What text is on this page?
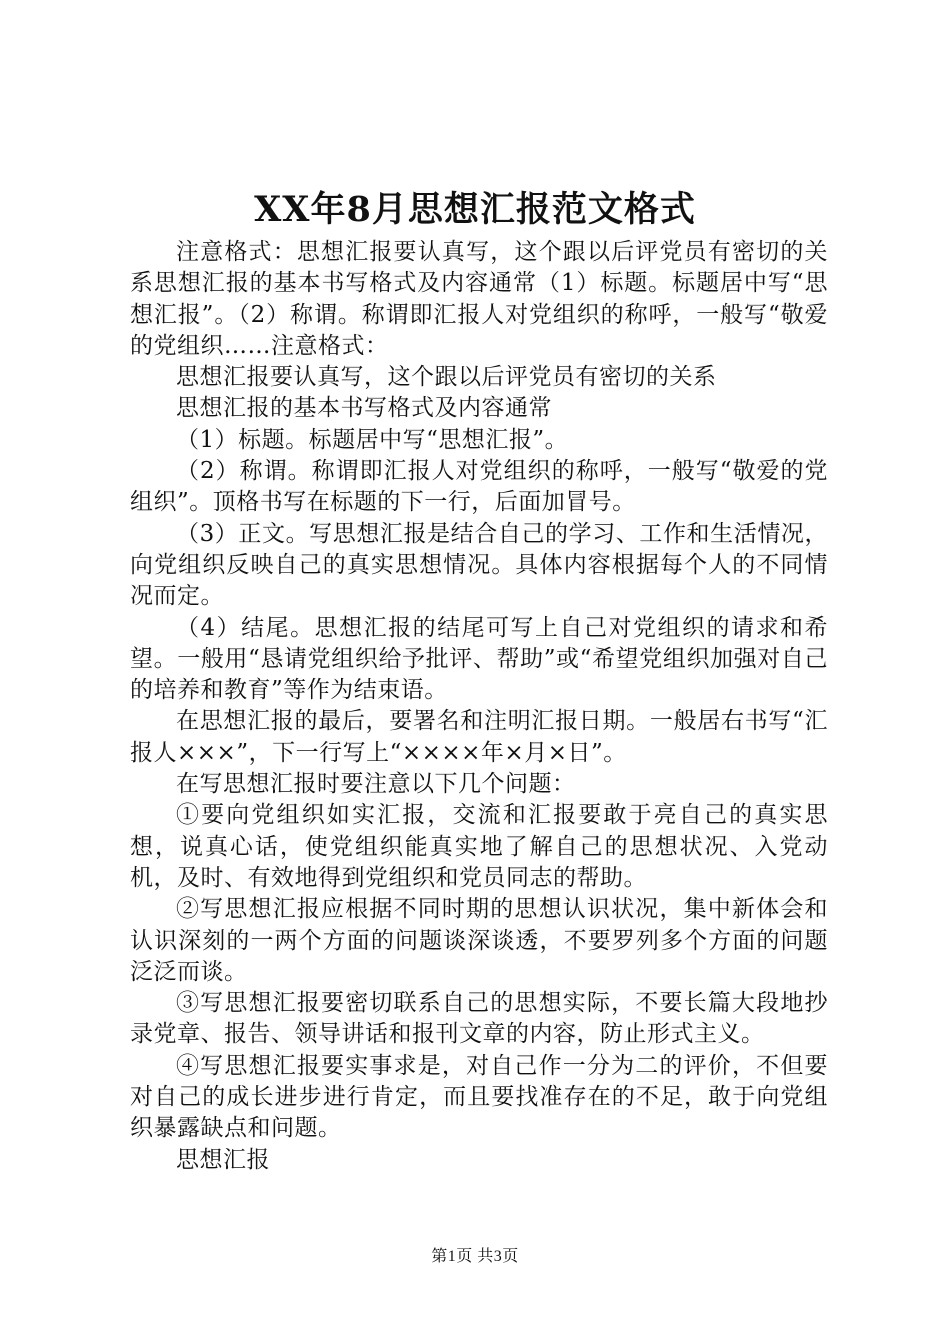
XX年8月思想汇报范文格式

注意格式：思想汇报要认真写，这个跟以后评党员有密切的关系思想汇报的基本书写格式及内容通常（1）标题。标题居中写“思想汇报”。（2）称谓。称谓即汇报人对党组织的称呼，一般写“敬爱的党组织……注意格式：

思想汇报要认真写，这个跟以后评党员有密切的关系

思想汇报的基本书写格式及内容通常

（1）标题。标题居中写“思想汇报”。

（2）称谓。称谓即汇报人对党组织的称呼，一般写“敬爱的党组织”。顶格书写在标题的下一行，后面加冒号。

（3）正文。写思想汇报是结合自己的学习、工作和生活情况，向党组织反映自己的真实思想情况。具体内容根据每个人的不同情况而定。

（4）结尾。思想汇报的结尾可写上自己对党组织的请求和希望。一般用“恳请党组织给予批评、帮助”或“希望党组织加强对自己的培养和教育”等作为结束语。

在思想汇报的最后，要署名和注明汇报日期。一般居右书写“汇报人×××”，下一行写上“××××年×月×日”。

在写思想汇报时要注意以下几个问题：

①要向党组织如实汇报，交流和汇报要敢于亮自己的真实思想，说真心话，使党组织能真实地了解自己的思想状况、入党动机，及时、有效地得到党组织和党员同志的帮助。

②写思想汇报应根据不同时期的思想认识状况，集中新体会和认识深刻的一两个方面的问题谈深谈透，不要罗列多个方面的问题泛泛而谈。

③写思想汇报要密切联系自己的思想实际，不要长篇大段地抄录党章、报告、领导讲话和报刊文章的内容，防止形式主义。

④写思想汇报要实事求是，对自己作一分为二的评价，不但要对自己的成长进步进行肯定，而且要找准存在的不足，敢于向党组织暴露缺点和问题。

思想汇报

第1页 共3页
